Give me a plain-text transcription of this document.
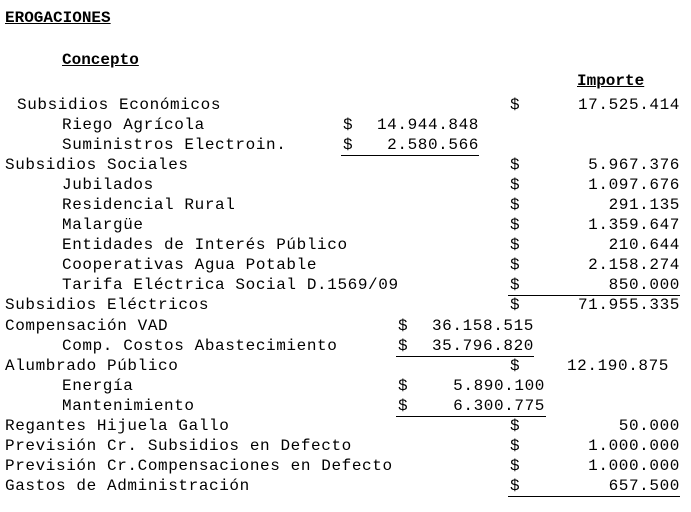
EROGACIONES
Concepto
Importe
Subsidios Económicos	$	17.525.414
Riego Agrícola	$ 14.944.848
Suministros Electroin.	$ 2.580.566
Subsidios Sociales	$	5.967.376
Jubilados	$	1.097.676
Residencial Rural	$	291.135
Malargüe	$	1.359.647
Entidades de Interés Público	$	210.644
Cooperativas Agua Potable	$	2.158.274
Tarifa Eléctrica Social D.1569/09	$	850.000
Subsidios Eléctricos	$	71.955.335
Compensación VAD	$ 36.158.515
Comp. Costos Abastecimiento	$ 35.796.820
Alumbrado Público	$	12.190.875
Energía	$	5.890.100
Mantenimiento	$	6.300.775
Regantes Hijuela Gallo	$	50.000
Previsión Cr. Subsidios en Defecto	$	1.000.000
Previsión Cr.Compensaciones en Defecto	$	1.000.000
Gastos de Administración	$	657.500
